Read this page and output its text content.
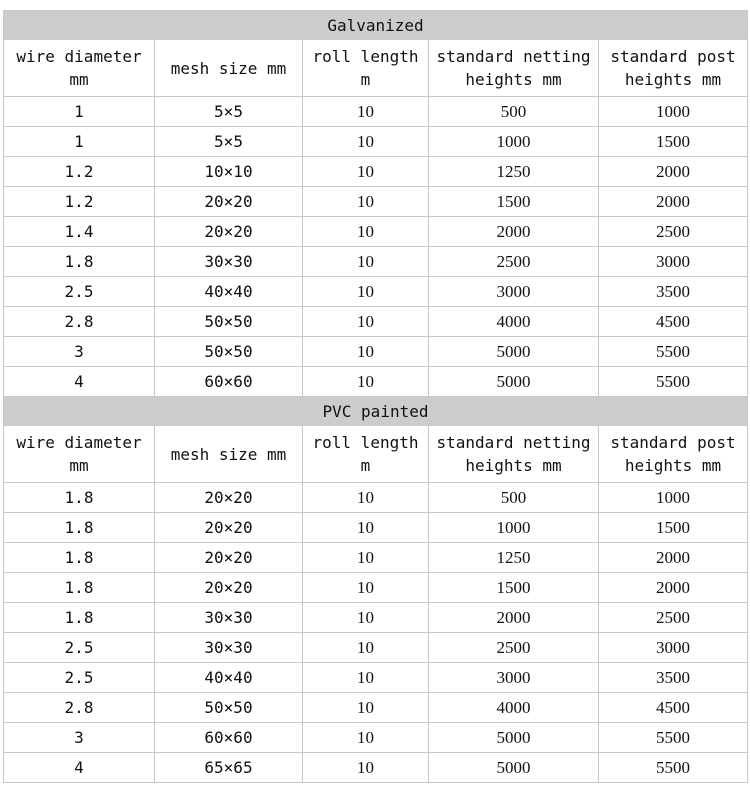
Galvanized				
wire diameter mm	mesh size mm	roll length m	standard netting heights mm	standard post heights mm
1	5×5	10	500	1000
1	5×5	10	1000	1500
1.2	10×10	10	1250	2000
1.2	20×20	10	1500	2000
1.4	20×20	10	2000	2500
1.8	30×30	10	2500	3000
2.5	40×40	10	3000	3500
2.8	50×50	10	4000	4500
3	50×50	10	5000	5500
4	60×60	10	5000	5500
PVC painted				
wire diameter mm	mesh size mm	roll length m	standard netting heights mm	standard post heights mm
1.8	20×20	10	500	1000
1.8	20×20	10	1000	1500
1.8	20×20	10	1250	2000
1.8	20×20	10	1500	2000
1.8	30×30	10	2000	2500
2.5	30×30	10	2500	3000
2.5	40×40	10	3000	3500
2.8	50×50	10	4000	4500
3	60×60	10	5000	5500
4	65×65	10	5000	5500
